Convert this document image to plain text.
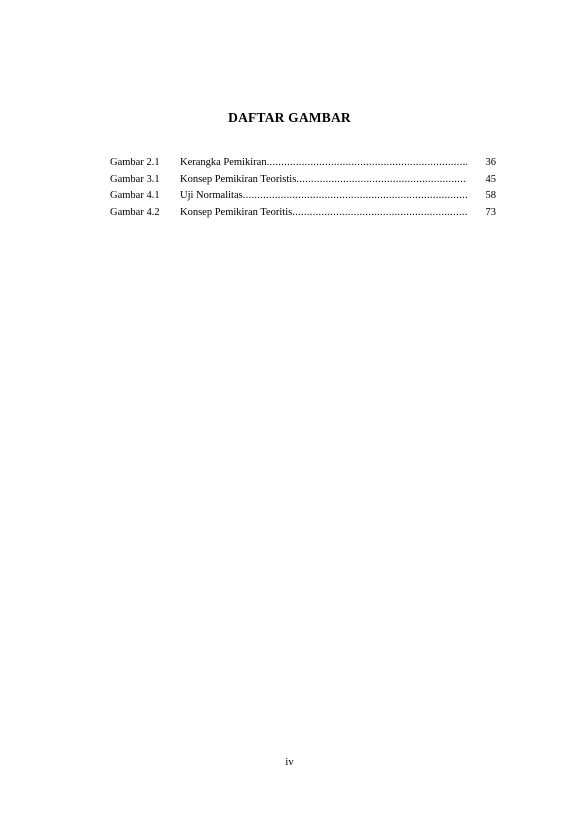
DAFTAR GAMBAR
Gambar 2.1	Kerangka Pemikiran .....	36
Gambar 3.1	Konsep Pemikiran Teoristis .....	45
Gambar 4.1	Uji Normalitas .....	58
Gambar 4.2	Konsep Pemikiran Teoritis .....	73
iv
